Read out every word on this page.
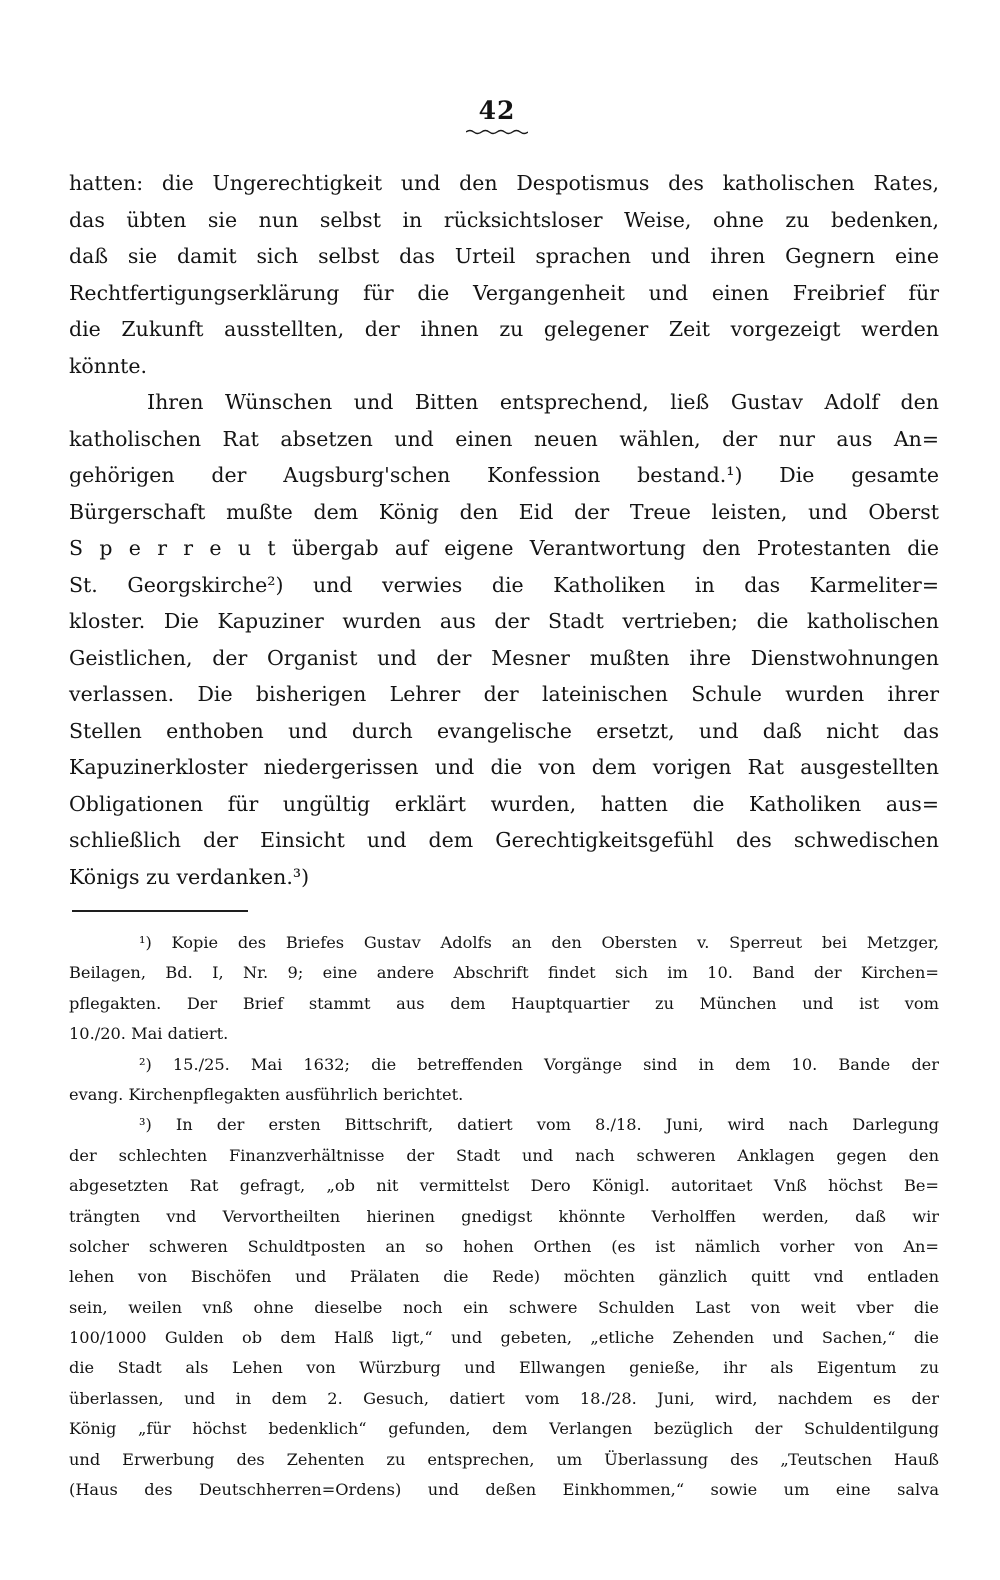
42
hatten: die Ungerechtigkeit und den Despotismus des katholischen Rates,
das übten sie nun selbst in rücksichtsloser Weise, ohne zu bedenken,
daß sie damit sich selbst das Urteil sprachen und ihren Gegnern eine
Rechtfertigungserklärung für die Vergangenheit und einen Freibrief für
die Zukunft ausstellten, der ihnen zu gelegener Zeit vorgezeigt werden
könnte.
Ihren Wünschen und Bitten entsprechend, ließ Gustav Adolf den
katholischen Rat absetzen und einen neuen wählen, der nur aus An=
gehörigen der Augsburg'schen Konfession bestand.¹) Die gesamte
Bürgerschaft mußte dem König den Eid der Treue leisten, und Oberst
S p e r r e u t übergab auf eigene Verantwortung den Protestanten die
St. Georgskirche²) und verwies die Katholiken in das Karmeliter=
kloster. Die Kapuziner wurden aus der Stadt vertrieben; die katholischen
Geistlichen, der Organist und der Mesner mußten ihre Dienstwohnungen
verlassen. Die bisherigen Lehrer der lateinischen Schule wurden ihrer
Stellen enthoben und durch evangelische ersetzt, und daß nicht das
Kapuzinerkloster niedergerissen und die von dem vorigen Rat ausgestellten
Obligationen für ungültig erklärt wurden, hatten die Katholiken aus=
schließlich der Einsicht und dem Gerechtigkeitsgefühl des schwedischen
Königs zu verdanken.³)
¹) Kopie des Briefes Gustav Adolfs an den Obersten v. Sperreut bei Metzger,
Beilagen, Bd. I, Nr. 9; eine andere Abschrift findet sich im 10. Band der Kirchen=
pflegakten. Der Brief stammt aus dem Hauptquartier zu München und ist vom
10./20. Mai datiert.
²) 15./25. Mai 1632; die betreffenden Vorgänge sind in dem 10. Bande der
evang. Kirchenpflegakten ausführlich berichtet.
³) In der ersten Bittschrift, datiert vom 8./18. Juni, wird nach Darlegung
der schlechten Finanzverhältnisse der Stadt und nach schweren Anklagen gegen den
abgesetzten Rat gefragt, „ob nit vermittelst Dero Königl. autoritaet Vnß höchst Be=
trängten vnd Vervortheilten hierinen gnedigst khönnte Verholffen werden, daß wir
solcher schweren Schuldtposten an so hohen Orthen (es ist nämlich vorher von An=
lehen von Bischöfen und Prälaten die Rede) möchten gänzlich quitt vnd entladen
sein, weilen vnß ohne dieselbe noch ein schwere Schulden Last von weit vber die
100/1000 Gulden ob dem Halß ligt,“ und gebeten, „etliche Zehenden und Sachen,“ die
die Stadt als Lehen von Würzburg und Ellwangen genieße, ihr als Eigentum zu
überlassen, und in dem 2. Gesuch, datiert vom 18./28. Juni, wird, nachdem es der
König „für höchst bedenklich“ gefunden, dem Verlangen bezüglich der Schuldentilgung
und Erwerbung des Zehenten zu entsprechen, um Überlassung des „Teutschen Hauß
(Haus des Deutschherren=Ordens) und deßen Einkhommen,“ sowie um eine salva
